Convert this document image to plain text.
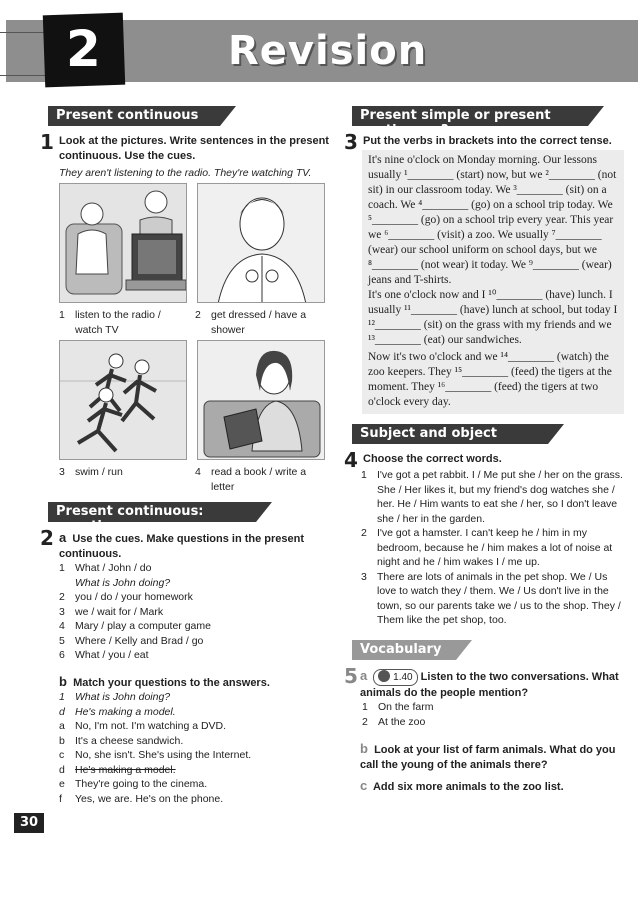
2	Revision
Present continuous
1 Look at the pictures. Write sentences in the present continuous. Use the cues.
They aren't listening to the radio. They're watching TV.
1 listen to the radio / watch TV
2 get dressed / have a shower
3 swim / run	4 read a book / write a letter
Present continuous: questions
2 a Use the cues. Make questions in the present continuous.
1 What / John / do
What is John doing?
2 you / do / your homework
3 we / wait for / Mark
4 Mary / play a computer game
5 Where / Kelly and Brad / go
6 What / you / eat
b Match your questions to the answers.
1 What is John doing?
d He's making a model.
a No, I'm not. I'm watching a DVD.
b It's a cheese sandwich.
c	No, she isn't. She's using the Internet.
d He's making a model.
e They're going to the cinema.
f	Yes, we are. He's on the phone.
30
Present simple or present continuous?
3 Put the verbs in brackets into the correct tense.
It's nine o'clock on Monday morning. Our lessons usually ¹________ (start) now, but we ²________ (not sit) in our classroom today. We ³________ (sit) on a coach. We ⁴________ (go) on a school trip today. We ⁵________ (go) on a school trip every year. This year we ⁶________ (visit) a zoo. We usually ⁷________ (wear) our school uniform on school days, but we ⁸________ (not wear) it today. We ⁹________ (wear) jeans and T-shirts.
It's one o'clock now and I ¹⁰________ (have) lunch. I usually ¹¹________ (have) lunch at school, but today I ¹²________ (sit) on the grass with my friends and we ¹³________ (eat) our sandwiches.
Now it's two o'clock and we ¹⁴________ (watch) the zoo keepers. They ¹⁵________ (feed) the tigers at the moment. They ¹⁶________ (feed) the tigers at two o'clock every day.
Subject and object pronouns
4 Choose the correct words.
1 I've got a pet rabbit. I / Me put she / her on the grass. She / Her likes it, but my friend's dog watches she / her. He / Him wants to eat she / her, so I don't leave she / her in the garden.
2 I've got a hamster. I can't keep he / him in my bedroom, because he / him makes a lot of noise at night and he / him wakes I / me up.
3 There are lots of animals in the pet shop. We / Us love to watch they / them. We / Us don't live in the town, so our parents take we / us to the shop. They / Them like the pet shop, too.
Vocabulary
5 a	1.40 Listen to the two conversations. What animals do the people mention?
1 On the farm
2 At the zoo
b Look at your list of farm animals. What do you call the young of the animals there?
c Add six more animals to the zoo list.
